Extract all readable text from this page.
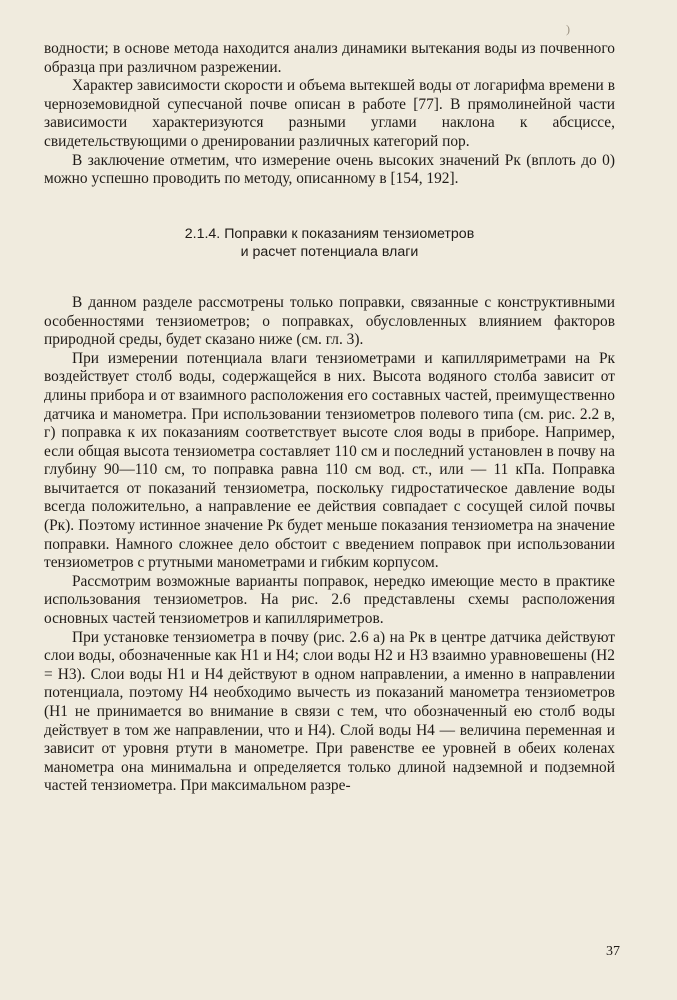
)

водности; в основе метода находится анализ динамики вытекания воды из почвенного образца при различном разрежении.

Характер зависимости скорости и объема вытекшей воды от логарифма времени в черноземовидной супесчаной почве описан в работе [77]. В прямолинейной части зависимости характеризуются разными углами наклона к абсциссе, свидетельствующими о дренировании различных категорий пор.

В заключение отметим, что измерение очень высоких значений Pк (вплоть до 0) можно успешно проводить по методу, описанному в [154, 192].

2.1.4. Поправки к показаниям тензиометров
и расчет потенциала влаги

В данном разделе рассмотрены только поправки, связанные с конструктивными особенностями тензиометров; о поправках, обусловленных влиянием факторов природной среды, будет сказано ниже (см. гл. 3).

При измерении потенциала влаги тензиометрами и капилляриметрами на Pк воздействует столб воды, содержащейся в них. Высота водяного столба зависит от длины прибора и от взаимного расположения его составных частей, преимущественно датчика и манометра. При использовании тензиометров полевого типа (см. рис. 2.2 в, г) поправка к их показаниям соответствует высоте слоя воды в приборе. Например, если общая высота тензиометра составляет 110 см и последний установлен в почву на глубину 90—110 см, то поправка равна 110 см вод. ст., или — 11 кПа. Поправка вычитается от показаний тензиометра, поскольку гидростатическое давление воды всегда положительно, а направление ее действия совпадает с сосущей силой почвы (Pк). Поэтому истинное значение Pк будет меньше показания тензиометра на значение поправки. Намного сложнее дело обстоит с введением поправок при использовании тензиометров с ртутными манометрами и гибким корпусом.

Рассмотрим возможные варианты поправок, нередко имеющие место в практике использования тензиометров. На рис. 2.6 представлены схемы расположения основных частей тензиометров и капилляриметров.

При установке тензиометра в почву (рис. 2.6 а) на Pк в центре датчика действуют слои воды, обозначенные как H1 и H4; слои воды H2 и H3 взаимно уравновешены (H2 = H3). Слои воды H1 и H4 действуют в одном направлении, а именно в направлении потенциала, поэтому H4 необходимо вычесть из показаний манометра тензиометров (H1 не принимается во внимание в связи с тем, что обозначенный ею столб воды действует в том же направлении, что и H4). Слой воды H4 — величина переменная и зависит от уровня ртути в манометре. При равенстве ее уровней в обеих коленах манометра она минимальна и определяется только длиной надземной и подземной частей тензиометра. При максимальном разре-

37
